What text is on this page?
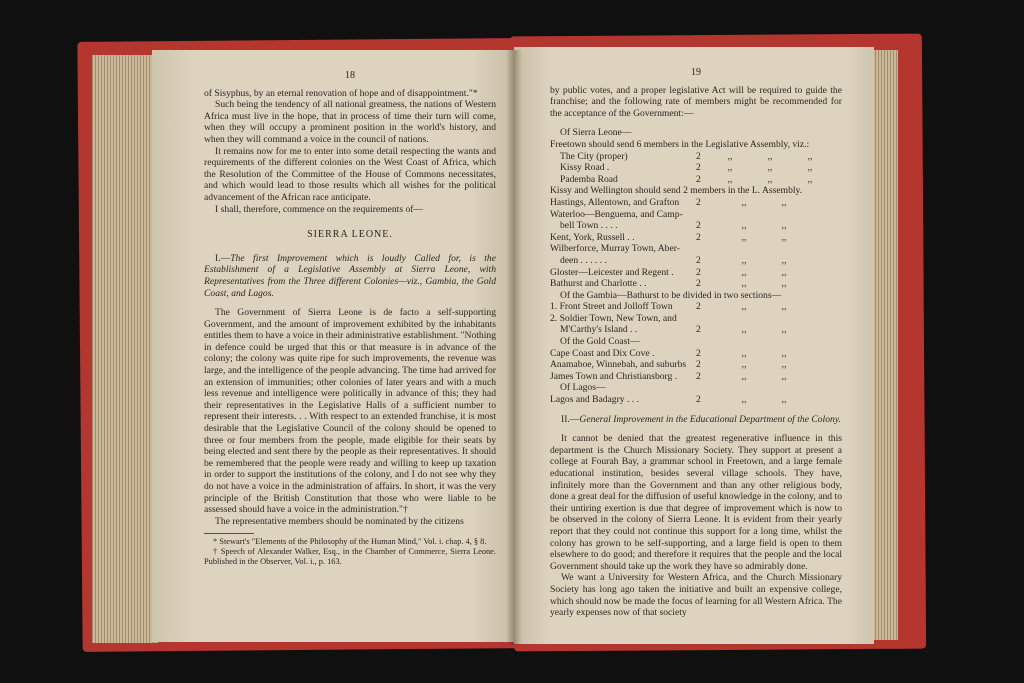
18

of Sisyphus, by an eternal renovation of hope and of disappointment."*

Such being the tendency of all national greatness, the nations of Western Africa must live in the hope, that in process of time their turn will come, when they will occupy a prominent position in the world's history, and when they will command a voice in the council of nations.

It remains now for me to enter into some detail respecting the wants and requirements of the different colonies on the West Coast of Africa, which the Resolution of the Committee of the House of Commons necessitates, and which would lead to those results which all wishes for the political advancement of the African race anticipate.

I shall, therefore, commence on the requirements of—

SIERRA LEONE.

I.—The first Improvement which is loudly Called for, is the Establishment of a Legislative Assembly at Sierra Leone, with Representatives from the Three different Colonies—viz., Gambia, the Gold Coast, and Lagos.

The Government of Sierra Leone is de facto a self-supporting Government, and the amount of improvement exhibited by the inhabitants entitles them to have a voice in their administrative establishment. "Nothing in defence could be urged that this or that measure is in advance of the colony; the colony was quite ripe for such improvements, the revenue was large, and the intelligence of the people advancing. The time had arrived for an extension of immunities; other colonies of later years and with a much less revenue and intelligence were politically in advance of this; they had their representatives in the Legislative Halls of a sufficient number to represent their interests. . . With respect to an extended franchise, it is most desirable that the Legislative Council of the colony should be opened to three or four members from the people, made eligible for their seats by being elected and sent there by the people as their representatives. It should be remembered that the people were ready and willing to keep up taxation in order to support the institutions of the colony, and I do not see why they do not have a voice in the administration of affairs. In short, it was the very principle of the British Constitution that those who were liable to be assessed should have a voice in the administration."†

The representative members should be nominated by the citizens

* Stewart's "Elements of the Philosophy of the Human Mind," Vol. i. chap. 4, § 8.

† Speech of Alexander Walker, Esq., in the Chamber of Commerce, Sierra Leone. Published in the Observer, Vol. i., p. 163.

19

by public votes, and a proper legislative Act will be required to guide the franchise; and the following rate of members might be recommended for the acceptance of the Government:—

Of Sierra Leone—
Freetown should send 6 members in the Legislative Assembly, viz.:
The City (proper)	2	,,	,,	,,
Kissy Road .	2	,,	,,	,,
Pademba Road	2	,,	,,	,,
Kissy and Wellington should send 2 members in the L. Assembly.
Hastings, Allentown, and Grafton	2	,,	,,
Waterloo—Benguema, and Camp-
bell Town . . . .	2	,,	,,
Kent, York, Russell . .	2	,,	,,
Wilberforce, Murray Town, Aber-
deen . . . . . .	2	,,	,,
Gloster—Leicester and Regent .	2	,,	,,
Bathurst and Charlotte . .	2	,,	,,
Of the Gambia—Bathurst to be divided in two sections—
1. Front Street and Jolloff Town	2	,,	,,
2. Soldier Town, New Town, and
M'Carthy's Island . .	2	,,	,,
Of the Gold Coast—
Cape Coast and Dix Cove .	2	,,	,,
Anamaboe, Winnebah, and suburbs	2	,,	,,
James Town and Christiansborg .	2	,,	,,
Of Lagos—
Lagos and Badagry . . .	2	,,	,,

II.—General Improvement in the Educational Department of the Colony.

It cannot be denied that the greatest regenerative influence in this department is the Church Missionary Society. They support at present a college at Fourah Bay, a grammar school in Freetown, and a large female educational institution, besides several village schools. They have, infinitely more than the Government and than any other religious body, done a great deal for the diffusion of useful knowledge in the colony, and to their untiring exertion is due that degree of improvement which is now to be observed in the colony of Sierra Leone. It is evident from their yearly report that they could not continue this support for a long time, whilst the colony has grown to be self-supporting, and a large field is open to them elsewhere to do good; and therefore it requires that the people and the local Government should take up the work they have so admirably done.

We want a University for Western Africa, and the Church Missionary Society has long ago taken the initiative and built an expensive college, which should now be made the focus of learning for all Western Africa. The yearly expenses now of that society
